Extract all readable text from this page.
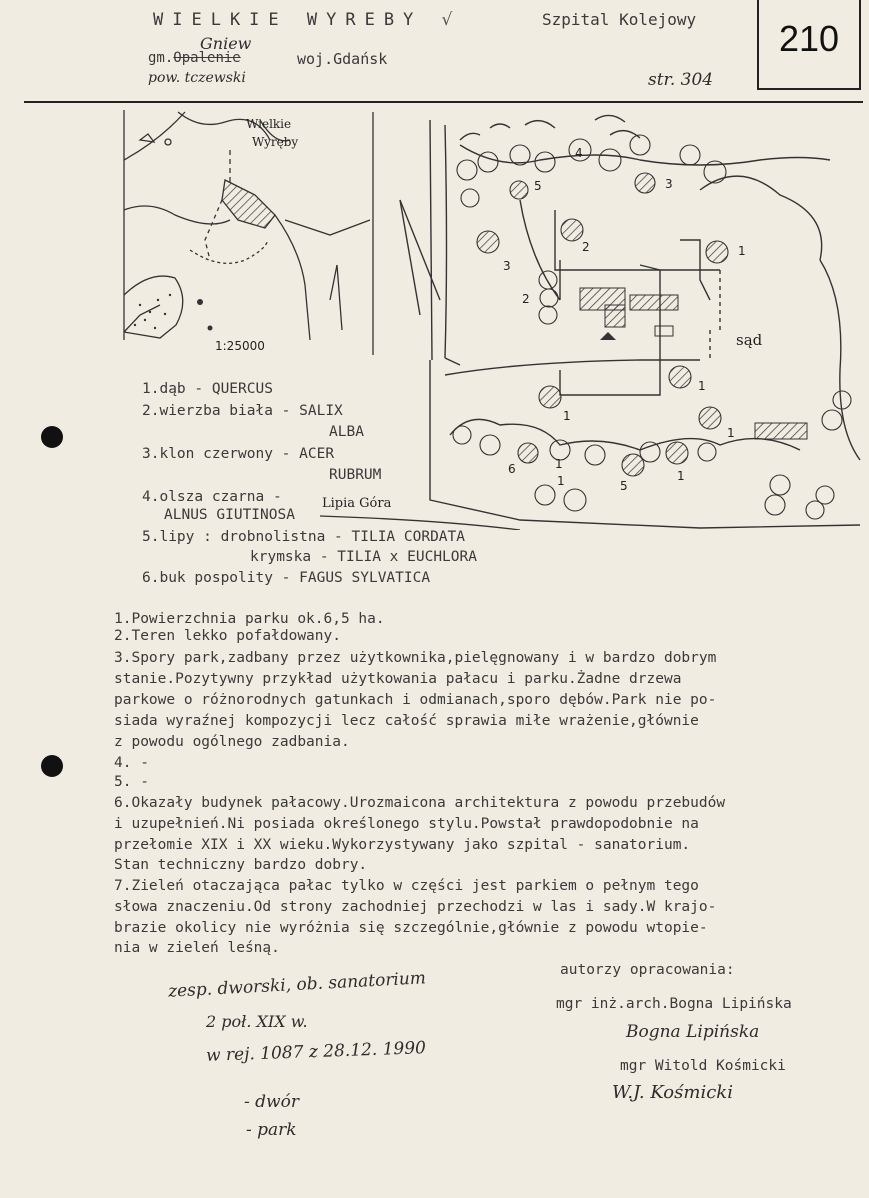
WIELKIE WYREBY √	Szpital Kolejowy	210
Gniew
gm.Opalenie
pow. tczewski
woj.Gdańsk
str. 304
Wielkie
Wyręby
1:25000
4
5	3
1
2
3
2
1
1
1
1
6
1	5
1
sąd
Lipia Góra
1.dąb - QUERCUS
2.wierzba biała - SALIX
ALBA
3.klon czerwony - ACER
RUBRUM
4.olsza czarna -
ALNUS GIUTINOSA
5.lipy : drobnolistna - TILIA CORDATA
krymska - TILIA x EUCHLORA
6.buk pospolity - FAGUS SYLVATICA
1.Powierzchnia parku ok.6,5 ha.
2.Teren lekko pofałdowany.
3.Spory park,zadbany przez użytkownika,pielęgnowany i w bardzo dobrym
stanie.Pozytywny przykład użytkowania pałacu i parku.Żadne drzewa
parkowe o różnorodnych gatunkach i odmianach,sporo dębów.Park nie po-
siada wyraźnej kompozycji lecz całość sprawia miłe wrażenie,głównie
z powodu ogólnego zadbania.
4. -
5. -
6.Okazały budynek pałacowy.Urozmaicona architektura z powodu przebudów
i uzupełnień.Ni posiada określonego stylu.Powstał prawdopodobnie na
przełomie XIX i XX wieku.Wykorzystywany jako szpital - sanatorium.
Stan techniczny bardzo dobry.
7.Zieleń otaczająca pałac tylko w części jest parkiem o pełnym tego
słowa znaczeniu.Od strony zachodniej przechodzi w las i sady.W krajo-
brazie okolicy nie wyróżnia się szczególnie,głównie z powodu wtopie-
nia w zieleń leśną.
autorzy opracowania:
mgr inż.arch.Bogna Lipińska
Bogna Lipińska
mgr Witold Kośmicki
W.J. Kośmicki
zesp. dworski, ob. sanatorium
2 poł. XIX w.
w rej. 1087 z 28.12. 1990
- dwór
- park
